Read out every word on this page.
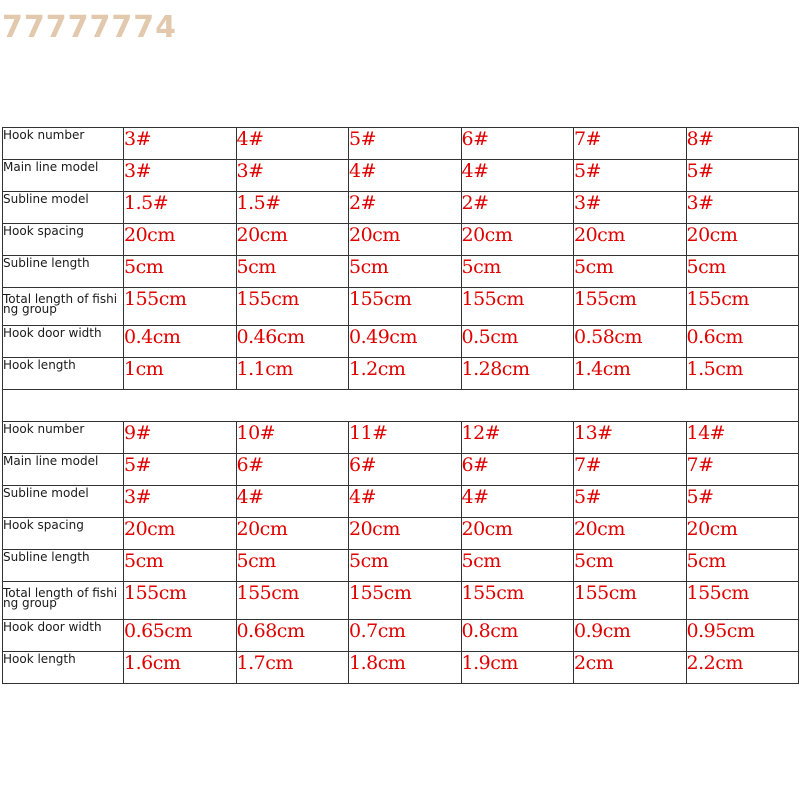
77777774
Hook number	3#	4#	5#	6#	7#	8#
Main line model	3#	3#	4#	4#	5#	5#
Subline model	1.5#	1.5#	2#	2#	3#	3#
Hook spacing	20cm	20cm	20cm	20cm	20cm	20cm
Subline length	5cm	5cm	5cm	5cm	5cm	5cm
Total length of fishing group	155cm	155cm	155cm	155cm	155cm	155cm
Hook door width	0.4cm	0.46cm	0.49cm	0.5cm	0.58cm	0.6cm
Hook length	1cm	1.1cm	1.2cm	1.28cm	1.4cm	1.5cm

Hook number	9#	10#	11#	12#	13#	14#
Main line model	5#	6#	6#	6#	7#	7#
Subline model	3#	4#	4#	4#	5#	5#
Hook spacing	20cm	20cm	20cm	20cm	20cm	20cm
Subline length	5cm	5cm	5cm	5cm	5cm	5cm
Total length of fishing group	155cm	155cm	155cm	155cm	155cm	155cm
Hook door width	0.65cm	0.68cm	0.7cm	0.8cm	0.9cm	0.95cm
Hook length	1.6cm	1.7cm	1.8cm	1.9cm	2cm	2.2cm
